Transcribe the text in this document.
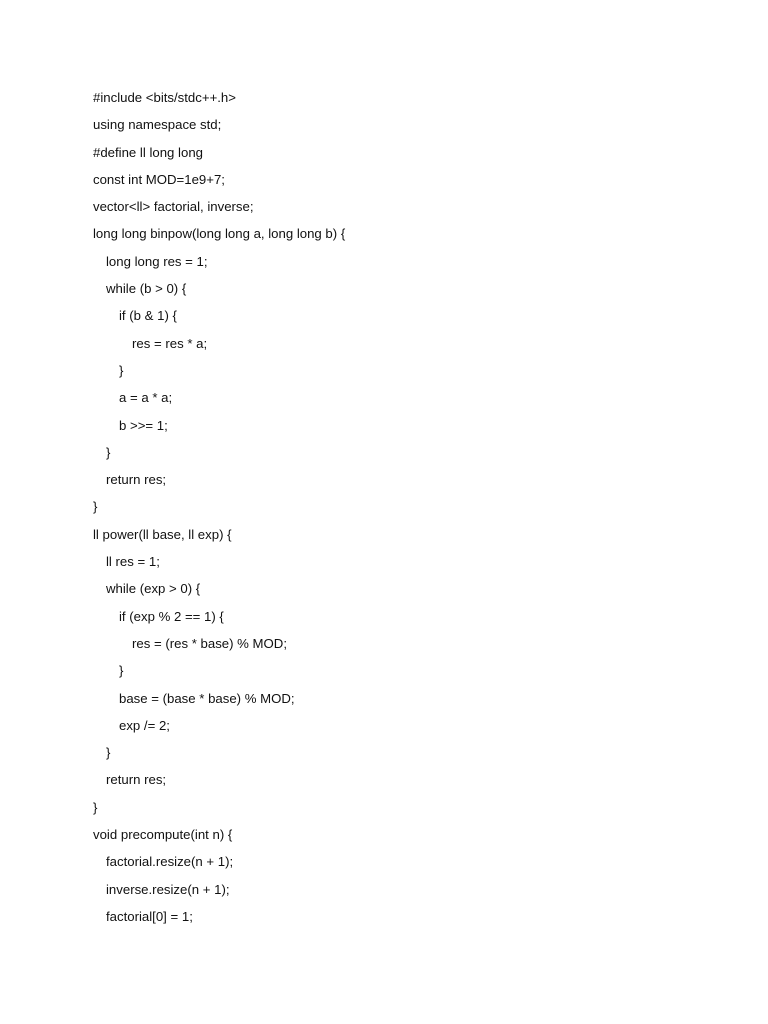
#include <bits/stdc++.h>
using namespace std;
#define ll long long
const int MOD=1e9+7;
vector<ll> factorial, inverse;
long long binpow(long long a, long long b) {
long long res = 1;
while (b > 0) {
if (b & 1) {
res = res * a;
}
a = a * a;
b >>= 1;
}
return res;
}
ll power(ll base, ll exp) {
ll res = 1;
while (exp > 0) {
if (exp % 2 == 1) {
res = (res * base) % MOD;
}
base = (base * base) % MOD;
exp /= 2;
}
return res;
}
void precompute(int n) {
factorial.resize(n + 1);
inverse.resize(n + 1);
factorial[0] = 1;
